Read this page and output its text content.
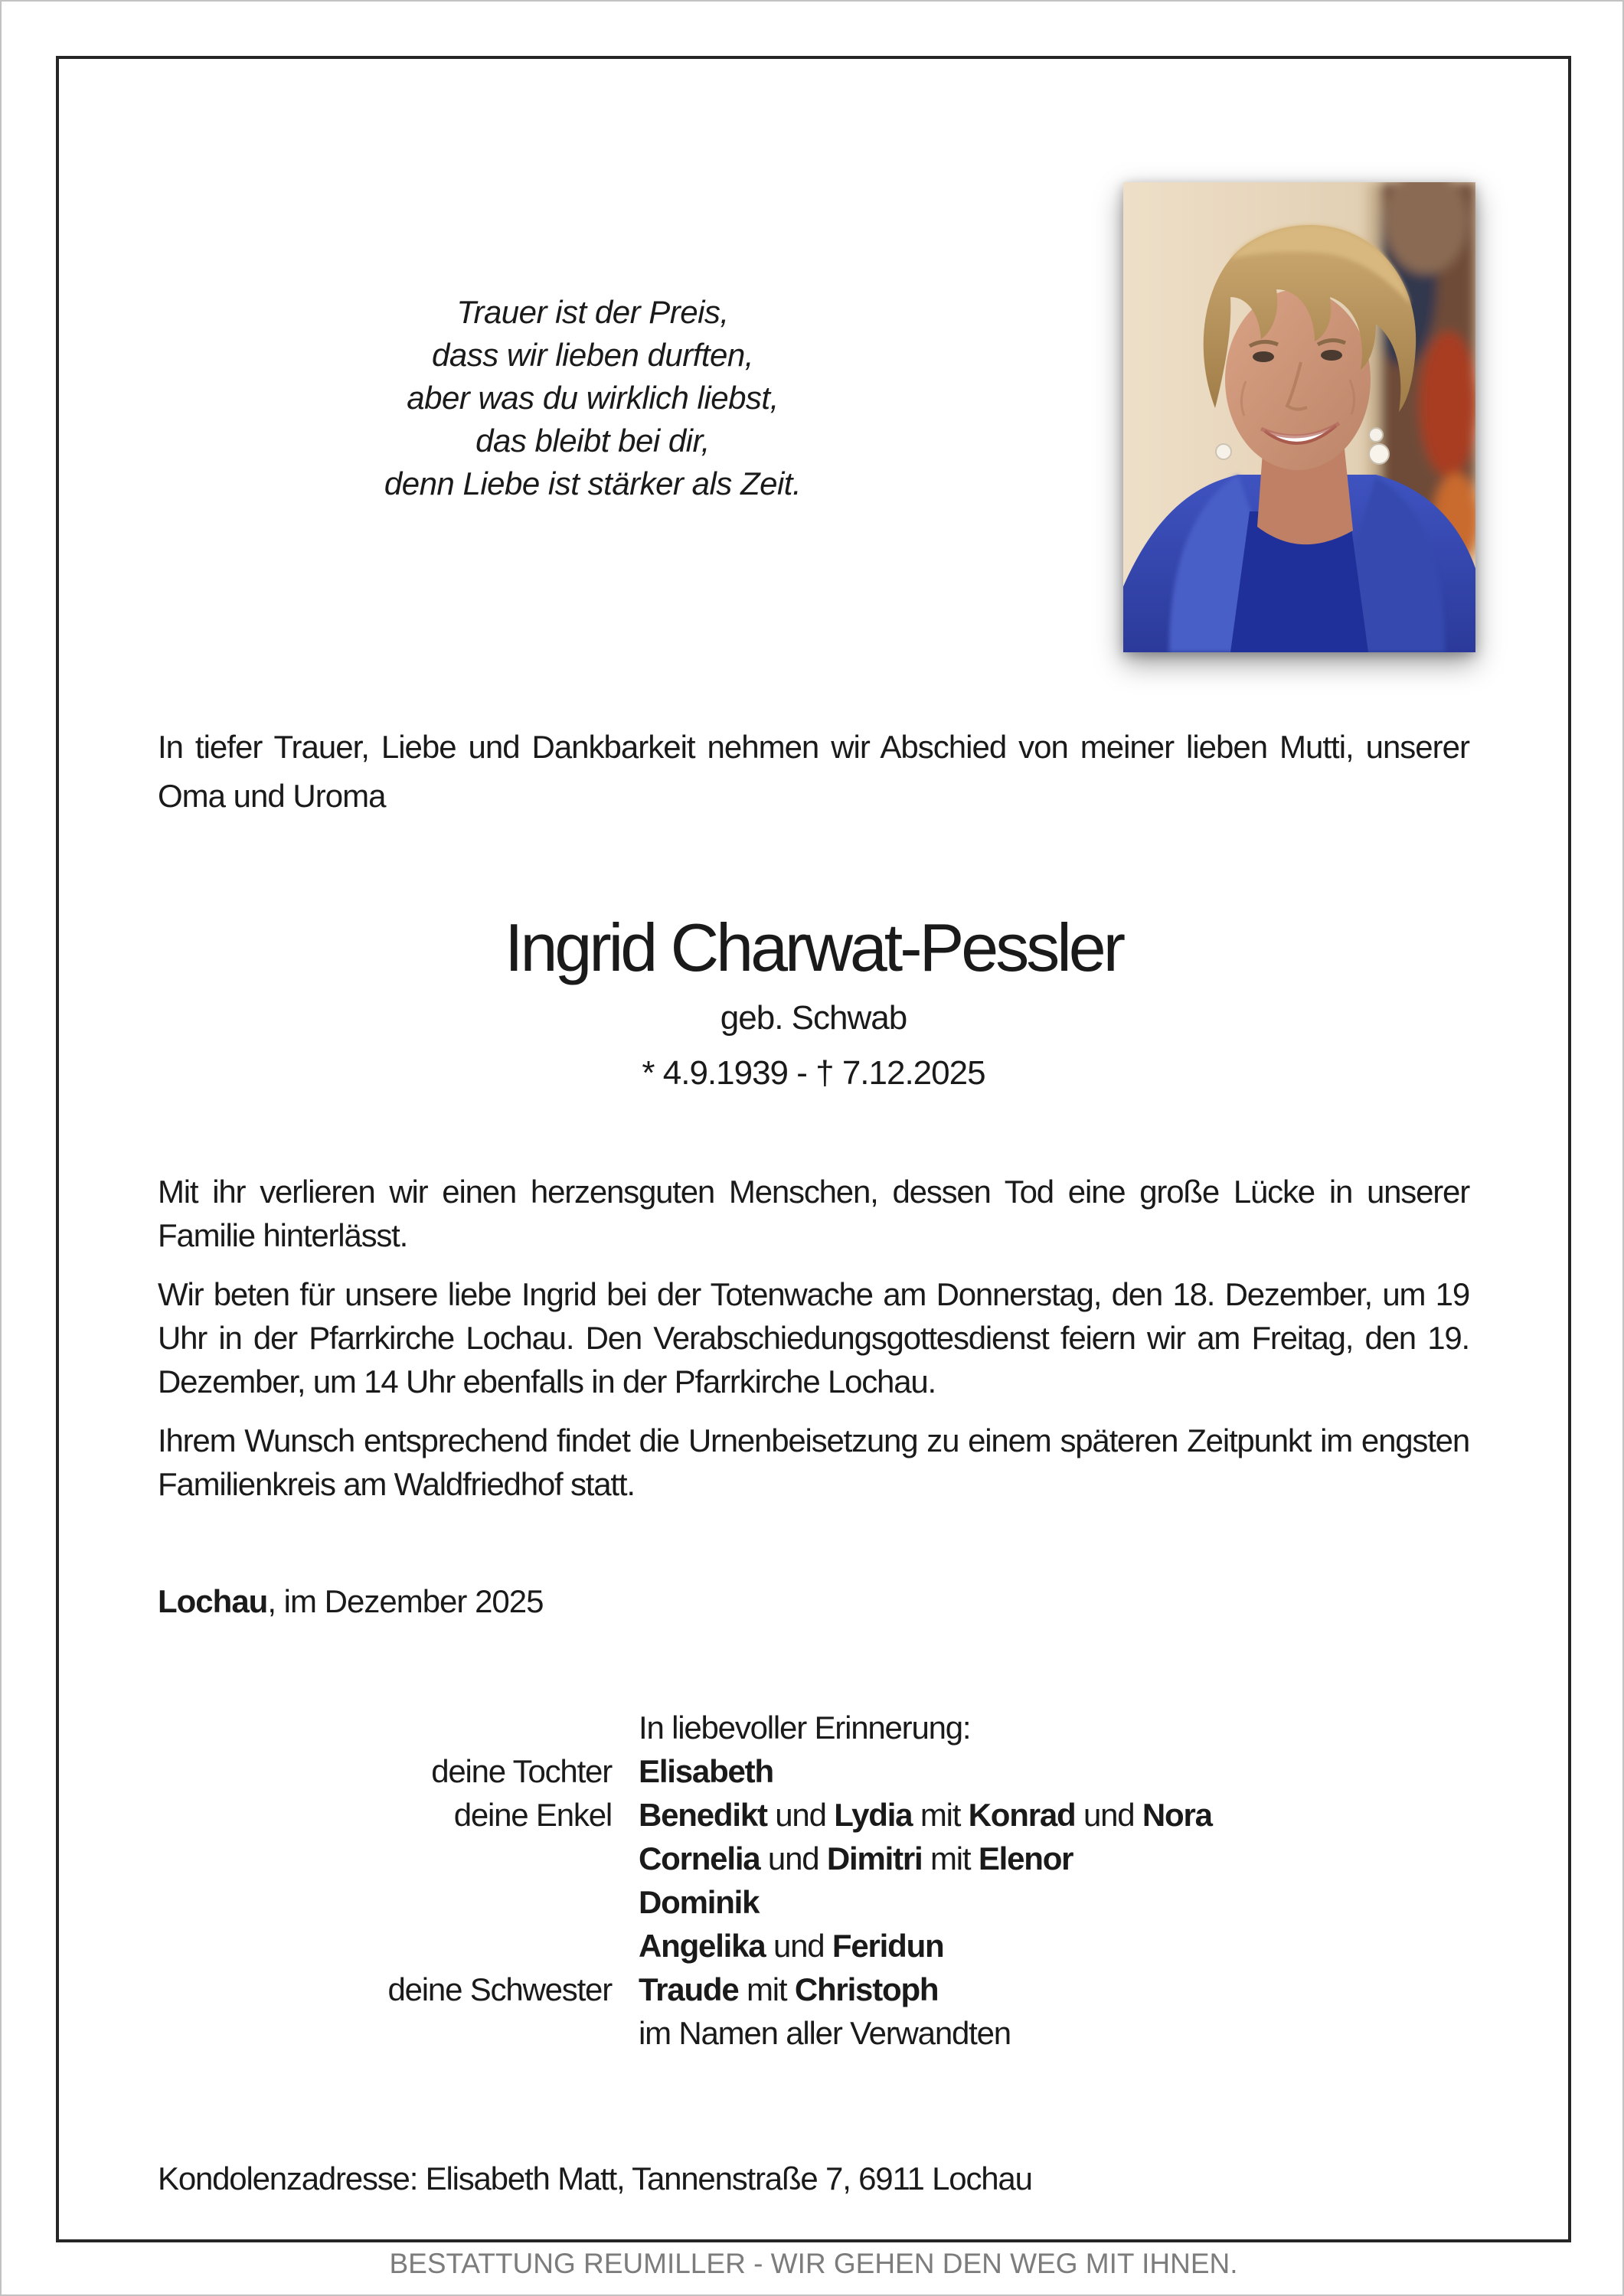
Trauer ist der Preis,
dass wir lieben durften,
aber was du wirklich liebst,
das bleibt bei dir,
denn Liebe ist stärker als Zeit.
In tiefer Trauer, Liebe und Dankbarkeit nehmen wir Abschied von meiner lieben Mutti, unserer Oma und Uroma
Ingrid Charwat-Pessler
geb. Schwab
* 4.9.1939 - † 7.12.2025

Mit ihr verlieren wir einen herzensguten Menschen, dessen Tod eine große Lücke in unserer Familie hinterlässt.

Wir beten für unsere liebe Ingrid bei der Totenwache am Donnerstag, den 18. Dezember, um 19 Uhr in der Pfarrkirche Lochau. Den Verabschiedungsgottesdienst feiern wir am Freitag, den 19. Dezember, um 14 Uhr ebenfalls in der Pfarrkirche Lochau.

Ihrem Wunsch entsprechend findet die Urnenbeisetzung zu einem späteren Zeitpunkt im engsten Familienkreis am Waldfriedhof statt.

Lochau, im Dezember 2025
In liebevoller Erinnerung:
deine Tochter Elisabeth
deine Enkel Benedikt und Lydia mit Konrad und Nora
Cornelia und Dimitri mit Elenor
Dominik
Angelika und Feridun
deine Schwester Traude mit Christoph
im Namen aller Verwandten
Kondolenzadresse: Elisabeth Matt, Tannenstraße 7, 6911 Lochau
BESTATTUNG REUMILLER - WIR GEHEN DEN WEG MIT IHNEN.
